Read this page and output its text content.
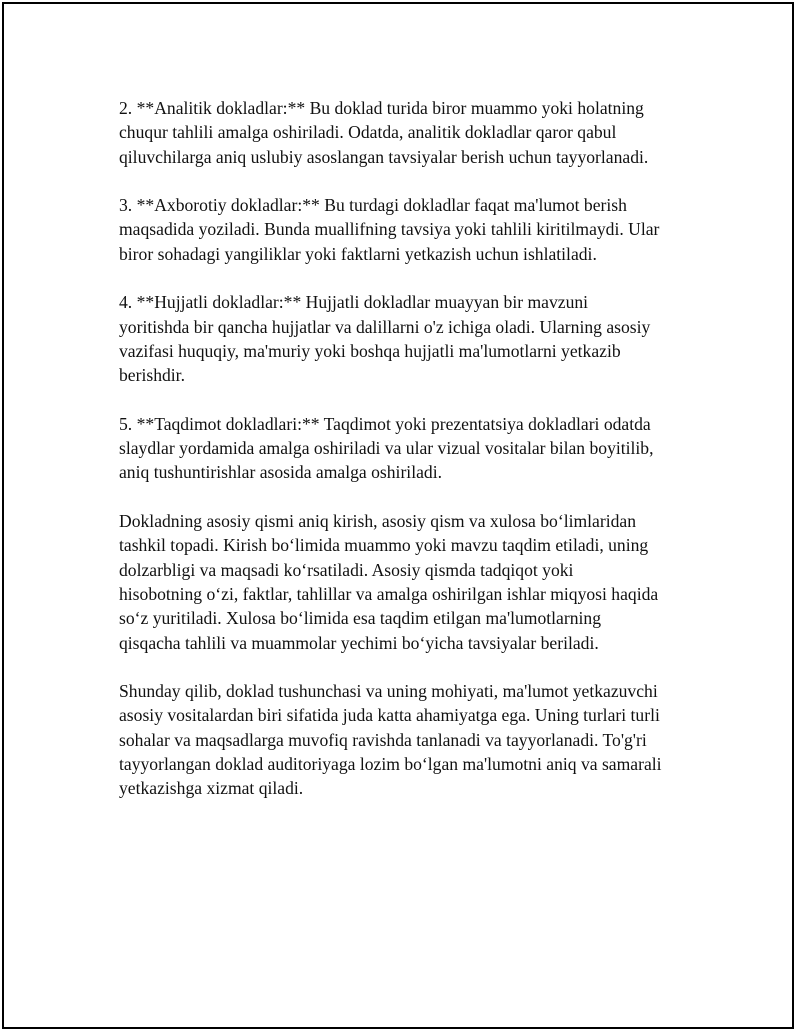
2. **Analitik dokladlar:** Bu doklad turida biror muammo yoki holatning
chuqur tahlili amalga oshiriladi. Odatda, analitik dokladlar qaror qabul
qiluvchilarga aniq uslubiy asoslangan tavsiyalar berish uchun tayyorlanadi.

3. **Axborotiy dokladlar:** Bu turdagi dokladlar faqat ma'lumot berish
maqsadida yoziladi. Bunda muallifning tavsiya yoki tahlili kiritilmaydi. Ular
biror sohadagi yangiliklar yoki faktlarni yetkazish uchun ishlatiladi.

4. **Hujjatli dokladlar:** Hujjatli dokladlar muayyan bir mavzuni
yoritishda bir qancha hujjatlar va dalillarni o'z ichiga oladi. Ularning asosiy
vazifasi huquqiy, ma'muriy yoki boshqa hujjatli ma'lumotlarni yetkazib
berishdir.

5. **Taqdimot dokladlari:** Taqdimot yoki prezentatsiya dokladlari odatda
slaydlar yordamida amalga oshiriladi va ular vizual vositalar bilan boyitilib,
aniq tushuntirishlar asosida amalga oshiriladi.

Dokladning asosiy qismi aniq kirish, asosiy qism va xulosa bo‘limlaridan
tashkil topadi. Kirish bo‘limida muammo yoki mavzu taqdim etiladi, uning
dolzarbligi va maqsadi ko‘rsatiladi. Asosiy qismda tadqiqot yoki
hisobotning o‘zi, faktlar, tahlillar va amalga oshirilgan ishlar miqyosi haqida
so‘z yuritiladi. Xulosa bo‘limida esa taqdim etilgan ma'lumotlarning
qisqacha tahlili va muammolar yechimi bo‘yicha tavsiyalar beriladi.

Shunday qilib, doklad tushunchasi va uning mohiyati, ma'lumot yetkazuvchi
asosiy vositalardan biri sifatida juda katta ahamiyatga ega. Uning turlari turli
sohalar va maqsadlarga muvofiq ravishda tanlanadi va tayyorlanadi. To'g'ri
tayyorlangan doklad auditoriyaga lozim bo‘lgan ma'lumotni aniq va samarali
yetkazishga xizmat qiladi.
